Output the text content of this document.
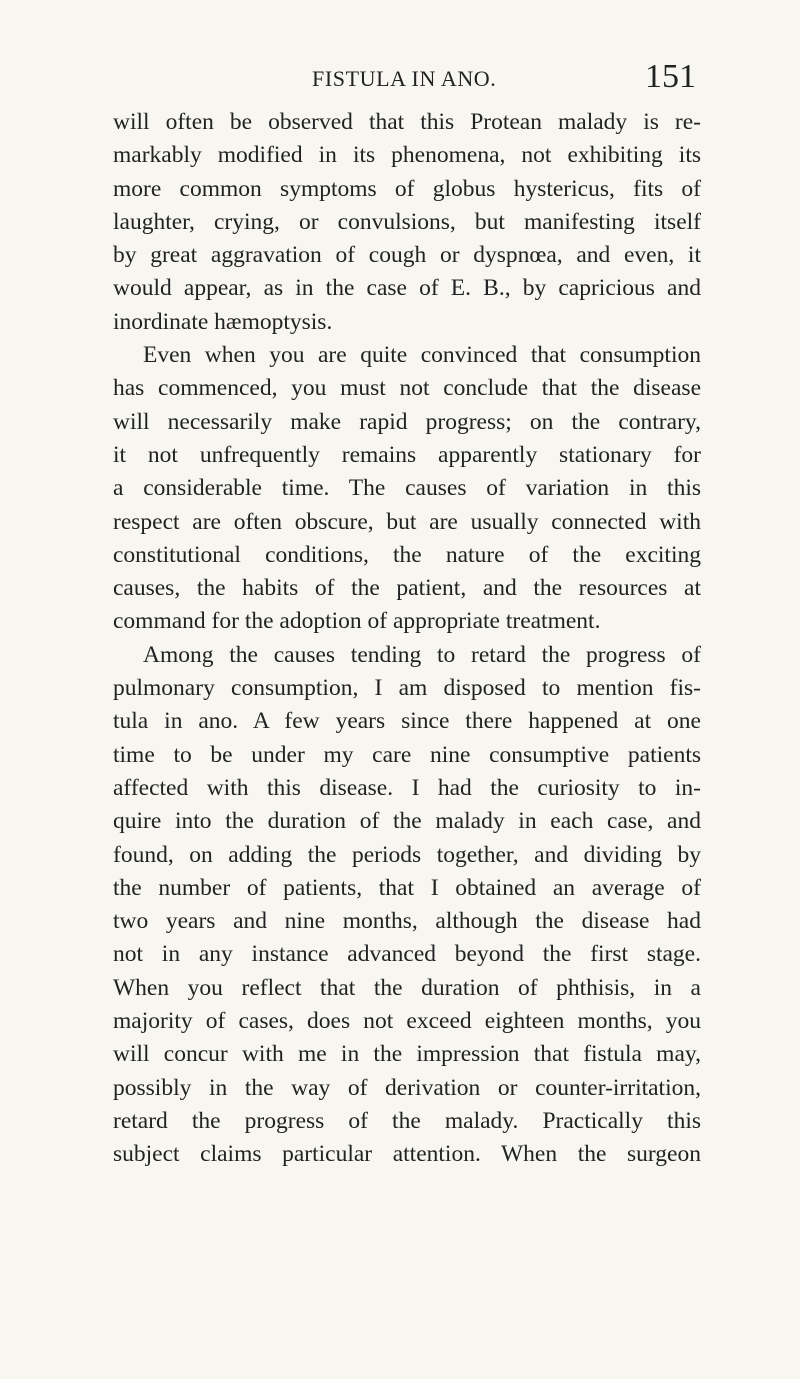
FISTULA IN ANO.	151
will often be observed that this Protean malady is re-
markably modified in its phenomena, not exhibiting its
more common symptoms of globus hystericus, fits of
laughter, crying, or convulsions, but manifesting itself
by great aggravation of cough or dyspnœa, and even, it
would appear, as in the case of E. B., by capricious and
inordinate hæmoptysis.
Even when you are quite convinced that consumption
has commenced, you must not conclude that the disease
will necessarily make rapid progress; on the contrary,
it not unfrequently remains apparently stationary for
a considerable time. The causes of variation in this
respect are often obscure, but are usually connected with
constitutional conditions, the nature of the exciting
causes, the habits of the patient, and the resources at
command for the adoption of appropriate treatment.
Among the causes tending to retard the progress of
pulmonary consumption, I am disposed to mention fis-
tula in ano. A few years since there happened at one
time to be under my care nine consumptive patients
affected with this disease. I had the curiosity to in-
quire into the duration of the malady in each case, and
found, on adding the periods together, and dividing by
the number of patients, that I obtained an average of
two years and nine months, although the disease had
not in any instance advanced beyond the first stage.
When you reflect that the duration of phthisis, in a
majority of cases, does not exceed eighteen months, you
will concur with me in the impression that fistula may,
possibly in the way of derivation or counter-irritation,
retard the progress of the malady. Practically this
subject claims particular attention. When the surgeon
